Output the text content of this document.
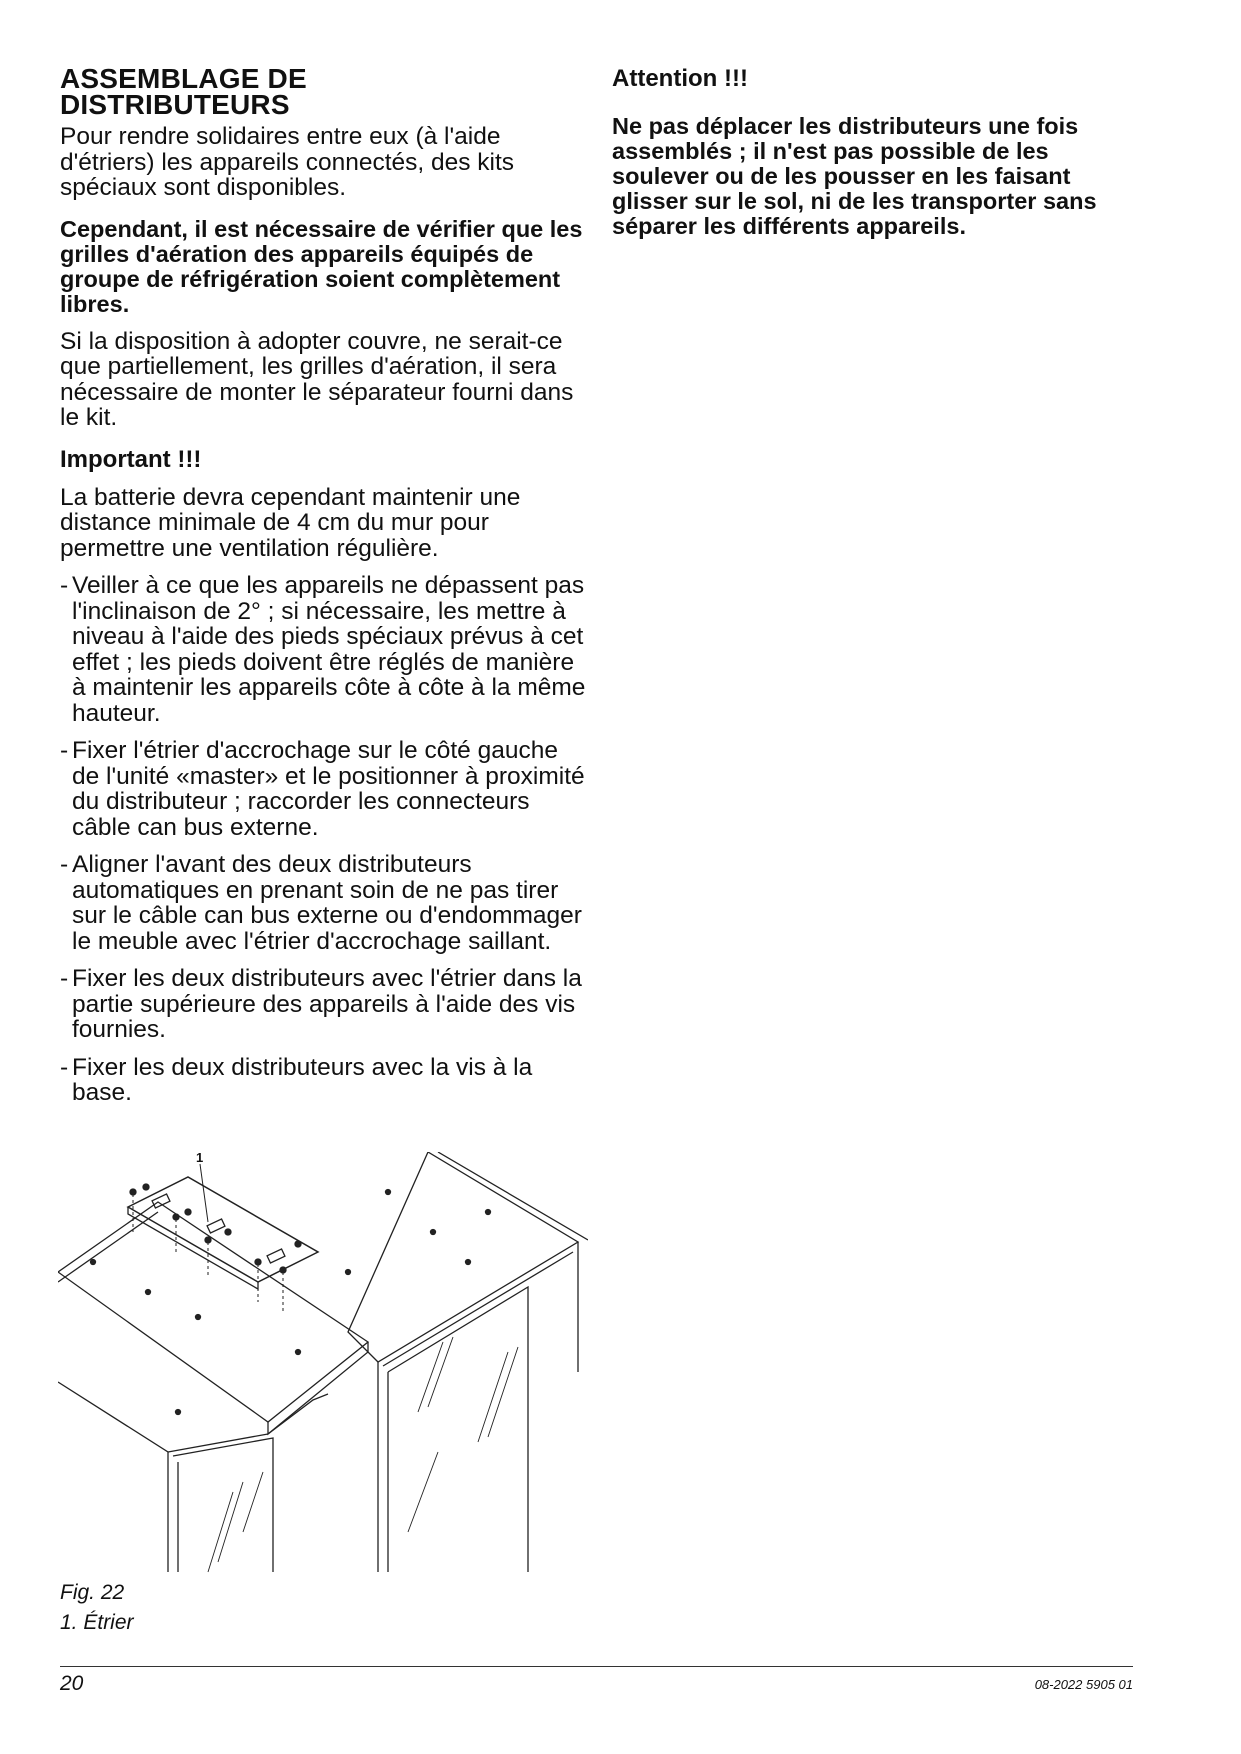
ASSEMBLAGE DE
DISTRIBUTEURS

Pour rendre solidaires entre eux (à l'aide d'étriers) les appareils connectés, des kits spéciaux sont disponibles.

Cependant, il est nécessaire de vérifier que les grilles d'aération des appareils équipés de groupe de réfrigération soient complètement libres.

Si la disposition à adopter couvre, ne serait-ce que partiellement, les grilles d'aération, il sera nécessaire de monter le séparateur fourni dans le kit.

Important !!!

La batterie devra cependant maintenir une distance minimale de 4 cm du mur pour permettre une ventilation régulière.

- Veiller à ce que les appareils ne dépassent pas l'inclinaison de 2° ; si nécessaire, les mettre à niveau à l'aide des pieds spéciaux prévus à cet effet ; les pieds doivent être réglés de manière à maintenir les appareils côte à côte à la même hauteur.
- Fixer l'étrier d'accrochage sur le côté gauche de l'unité «master» et le positionner à proximité du distributeur ; raccorder les connecteurs câble can bus externe.
- Aligner l'avant des deux distributeurs automatiques en prenant soin de ne pas tirer sur le câble can bus externe ou d'endommager le meuble avec l'étrier d'accrochage saillant.
- Fixer les deux distributeurs avec l'étrier dans la partie supérieure des appareils à l'aide des vis fournies.
- Fixer les deux distributeurs avec la vis à la base.
Attention !!!

Ne pas déplacer les distributeurs une fois assemblés ; il n'est pas possible de les soulever ou de les pousser en les faisant glisser sur le sol, ni de les transporter sans séparer les différents appareils.

1
Fig. 22
1. Étrier
20	08-2022 5905 01
